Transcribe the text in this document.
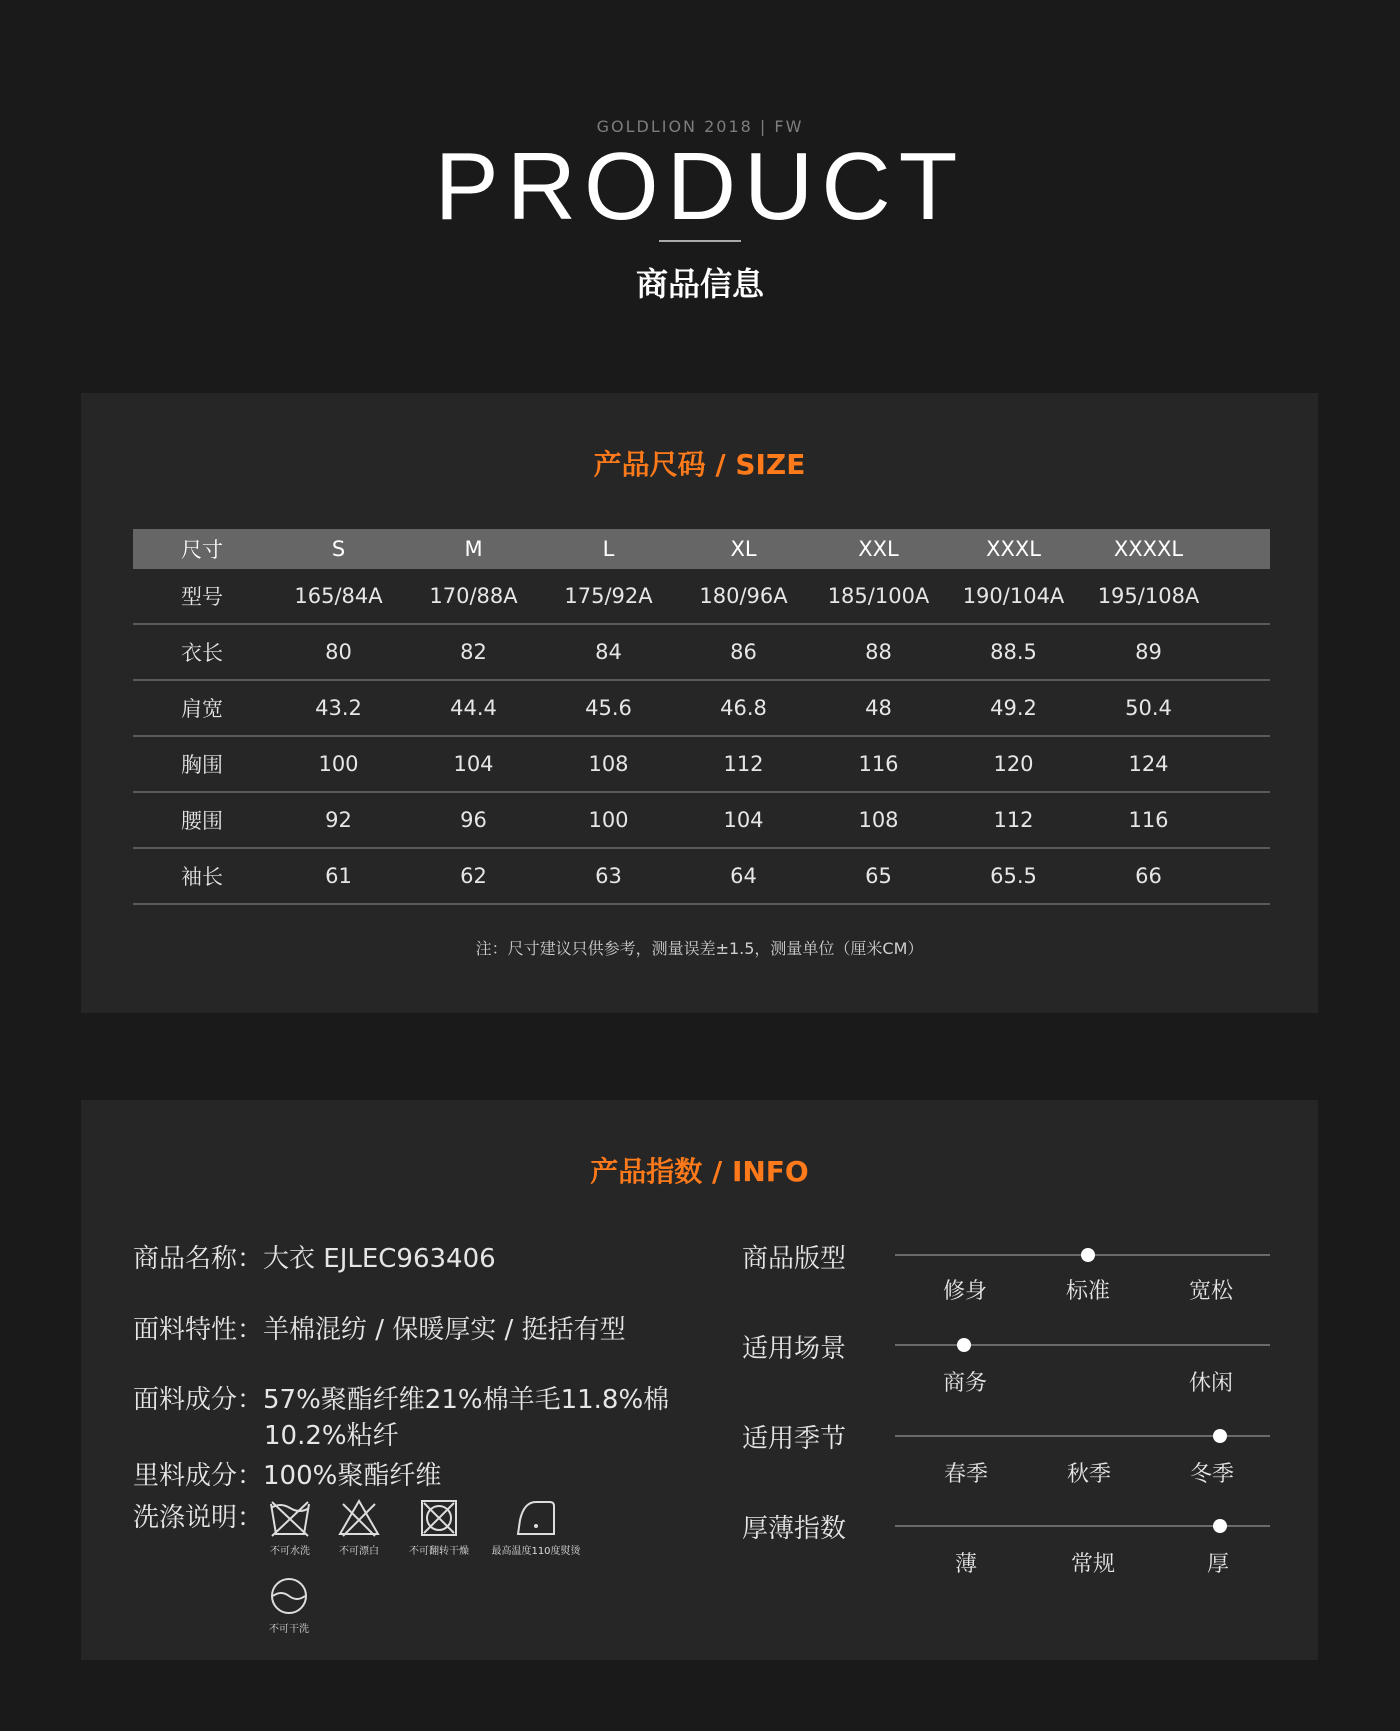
GOLDLION 2018 | FW
PRODUCT
商品信息
产品尺码 / SIZE
尺寸	S	M	L	XL	XXL	XXXL	XXXXL
型号	165/84A	170/88A	175/92A	180/96A	185/100A	190/104A	195/108A
衣长	80	82	84	86	88	88.5	89
肩宽	43.2	44.4	45.6	46.8	48	49.2	50.4
胸围	100	104	108	112	116	120	124
腰围	92	96	100	104	108	112	116
袖长	61	62	63	64	65	65.5	66
注：尺寸建议只供参考，测量误差±1.5，测量单位（厘米CM）
产品指数 / INFO
商品名称：大衣 EJLEC963406
面料特性：羊棉混纺 / 保暖厚实 / 挺括有型
面料成分：57%聚酯纤维21%棉羊毛11.8%棉
10.2%粘纤
里料成分：100%聚酯纤维
洗涤说明：
不可水洗	不可漂白	不可翻转干燥	最高温度110度熨烫
不可干洗
商品版型
修身	标准	宽松
适用场景
商务	休闲
适用季节
春季	秋季	冬季
厚薄指数
薄	常规	厚
